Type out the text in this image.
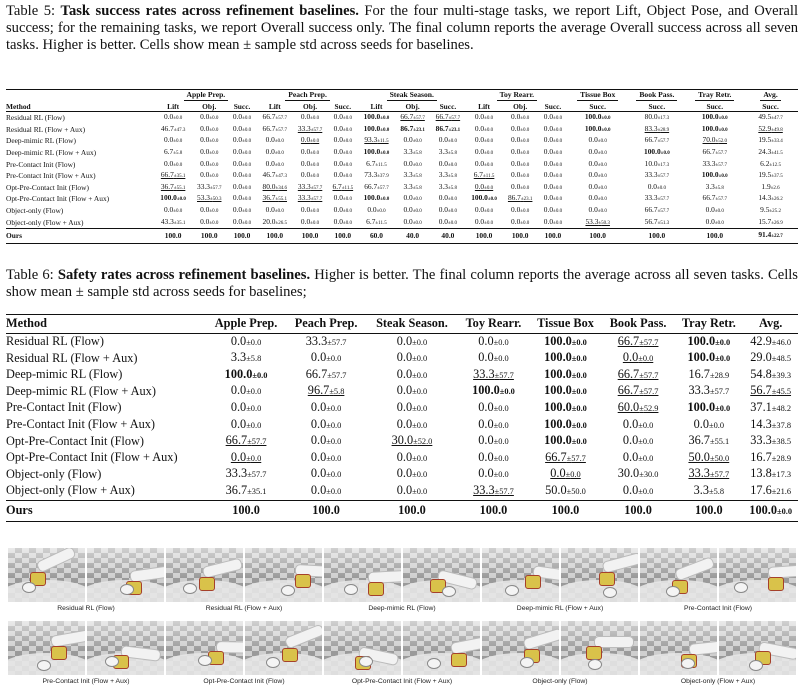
Table 5: Task success rates across refinement baselines. For the four multi-stage tasks, we report Lift, Object Pose, and Overall success; for the remaining tasks, we report Overall success only. The final column reports the average Overall success across all seven tasks. Higher is better. Cells show mean ± sample std across seeds for baselines.
	Apple Prep.			Peach Prep.			Steak Season.			Toy Rearr.			Tissue Box	Book Pass.	Tray Retr.	Avg.
Method	Lift	Obj.	Succ.	Lift	Obj.	Succ.	Lift	Obj.	Succ.	Lift	Obj.	Succ.	Succ.	Succ.	Succ.	Succ.
Residual RL (Flow)	0.0±0.0	0.0±0.0	0.0±0.0	66.7±57.7	0.0±0.0	0.0±0.0	100.0±0.0	66.7±57.7	66.7±57.7	0.0±0.0	0.0±0.0	0.0±0.0	100.0±0.0	80.0±17.3	100.0±0.0	49.5±47.7
Residual RL (Flow + Aux)	46.7±47.3	0.0±0.0	0.0±0.0	66.7±57.7	33.3±57.7	0.0±0.0	100.0±0.0	86.7±23.1	86.7±23.1	0.0±0.0	0.0±0.0	0.0±0.0	100.0±0.0	83.3±28.9	100.0±0.0	52.9±49.8
Deep-mimic RL (Flow)	0.0±0.0	0.0±0.0	0.0±0.0	0.0±0.0	0.0±0.0	0.0±0.0	93.3±11.5	0.0±0.0	0.0±0.0	0.0±0.0	0.0±0.0	0.0±0.0	0.0±0.0	66.7±57.7	70.0±52.0	19.5±33.4
Deep-mimic RL (Flow + Aux)	6.7±5.8	0.0±0.0	0.0±0.0	0.0±0.0	0.0±0.0	0.0±0.0	100.0±0.0	3.3±5.8	3.3±5.8	0.0±0.0	0.0±0.0	0.0±0.0	0.0±0.0	100.0±0.0	66.7±57.7	24.3±41.5
Pre-Contact Init (Flow)	0.0±0.0	0.0±0.0	0.0±0.0	0.0±0.0	0.0±0.0	0.0±0.0	6.7±11.5	0.0±0.0	0.0±0.0	0.0±0.0	0.0±0.0	0.0±0.0	0.0±0.0	10.0±17.3	33.3±57.7	6.2±12.5
Pre-Contact Init (Flow + Aux)	66.7±35.1	0.0±0.0	0.0±0.0	46.7±47.3	0.0±0.0	0.0±0.0	73.3±37.9	3.3±5.8	3.3±5.8	6.7±11.5	0.0±0.0	0.0±0.0	0.0±0.0	33.3±57.7	100.0±0.0	19.5±37.5
Opt-Pre-Contact Init (Flow)	36.7±55.1	33.3±57.7	0.0±0.0	80.0±34.6	33.3±57.7	6.7±11.5	66.7±57.7	3.3±5.8	3.3±5.8	0.0±0.0	0.0±0.0	0.0±0.0	0.0±0.0	0.0±0.0	3.3±5.8	1.9±2.6
Opt-Pre-Contact Init (Flow + Aux)	100.0±0.0	53.3±50.3	0.0±0.0	36.7±55.1	33.3±57.7	0.0±0.0	100.0±0.0	0.0±0.0	0.0±0.0	100.0±0.0	86.7±23.1	0.0±0.0	0.0±0.0	33.3±57.7	66.7±57.7	14.3±26.2
Object-only (Flow)	0.0±0.0	0.0±0.0	0.0±0.0	0.0±0.0	0.0±0.0	0.0±0.0	0.0±0.0	0.0±0.0	0.0±0.0	0.0±0.0	0.0±0.0	0.0±0.0	0.0±0.0	66.7±57.7	0.0±0.0	9.5±25.2
Object-only (Flow + Aux)	43.3±35.1	0.0±0.0	0.0±0.0	20.0±26.5	0.0±0.0	0.0±0.0	6.7±11.5	0.0±0.0	0.0±0.0	0.0±0.0	0.0±0.0	0.0±0.0	53.3±50.3	56.7±51.3	0.0±0.0	15.7±26.9
Ours	100.0	100.0	100.0	100.0	100.0	100.0	60.0	40.0	40.0	100.0	100.0	100.0	100.0	100.0	100.0	91.4±22.7
Table 6: Safety rates across refinement baselines. Higher is better. The final column reports the average across all seven tasks. Cells show mean ± sample std across seeds for baselines;
Method	Apple Prep.	Peach Prep.	Steak Season.	Toy Rearr.	Tissue Box	Book Pass.	Tray Retr.	Avg.
Residual RL (Flow)	0.0±0.0	33.3±57.7	0.0±0.0	0.0±0.0	100.0±0.0	66.7±57.7	100.0±0.0	42.9±46.0
Residual RL (Flow + Aux)	3.3±5.8	0.0±0.0	0.0±0.0	0.0±0.0	100.0±0.0	0.0±0.0	100.0±0.0	29.0±48.5
Deep-mimic RL (Flow)	100.0±0.0	66.7±57.7	0.0±0.0	33.3±57.7	100.0±0.0	66.7±57.7	16.7±28.9	54.8±39.3
Deep-mimic RL (Flow + Aux)	0.0±0.0	96.7±5.8	0.0±0.0	100.0±0.0	100.0±0.0	66.7±57.7	33.3±57.7	56.7±45.5
Pre-Contact Init (Flow)	0.0±0.0	0.0±0.0	0.0±0.0	0.0±0.0	100.0±0.0	60.0±52.9	100.0±0.0	37.1±48.2
Pre-Contact Init (Flow + Aux)	0.0±0.0	0.0±0.0	0.0±0.0	0.0±0.0	100.0±0.0	0.0±0.0	0.0±0.0	14.3±37.8
Opt-Pre-Contact Init (Flow)	66.7±57.7	0.0±0.0	30.0±52.0	0.0±0.0	100.0±0.0	0.0±0.0	36.7±55.1	33.3±38.5
Opt-Pre-Contact Init (Flow + Aux)	0.0±0.0	0.0±0.0	0.0±0.0	0.0±0.0	66.7±57.7	0.0±0.0	50.0±50.0	16.7±28.9
Object-only (Flow)	33.3±57.7	0.0±0.0	0.0±0.0	0.0±0.0	0.0±0.0	30.0±30.0	33.3±57.7	13.8±17.3
Object-only (Flow + Aux)	36.7±35.1	0.0±0.0	0.0±0.0	33.3±57.7	50.0±50.0	0.0±0.0	3.3±5.8	17.6±21.6
Ours	100.0	100.0	100.0	100.0	100.0	100.0	100.0	100.0±0.0
Residual RL (Flow)	Residual RL (Flow + Aux)	Deep-mimic RL (Flow)	Deep-mimic RL (Flow + Aux)	Pre-Contact Init (Flow)
Pre-Contact Init (Flow + Aux)	Opt-Pre-Contact Init (Flow)	Opt-Pre-Contact Init (Flow + Aux)	Object-only (Flow)	Object-only (Flow + Aux)
